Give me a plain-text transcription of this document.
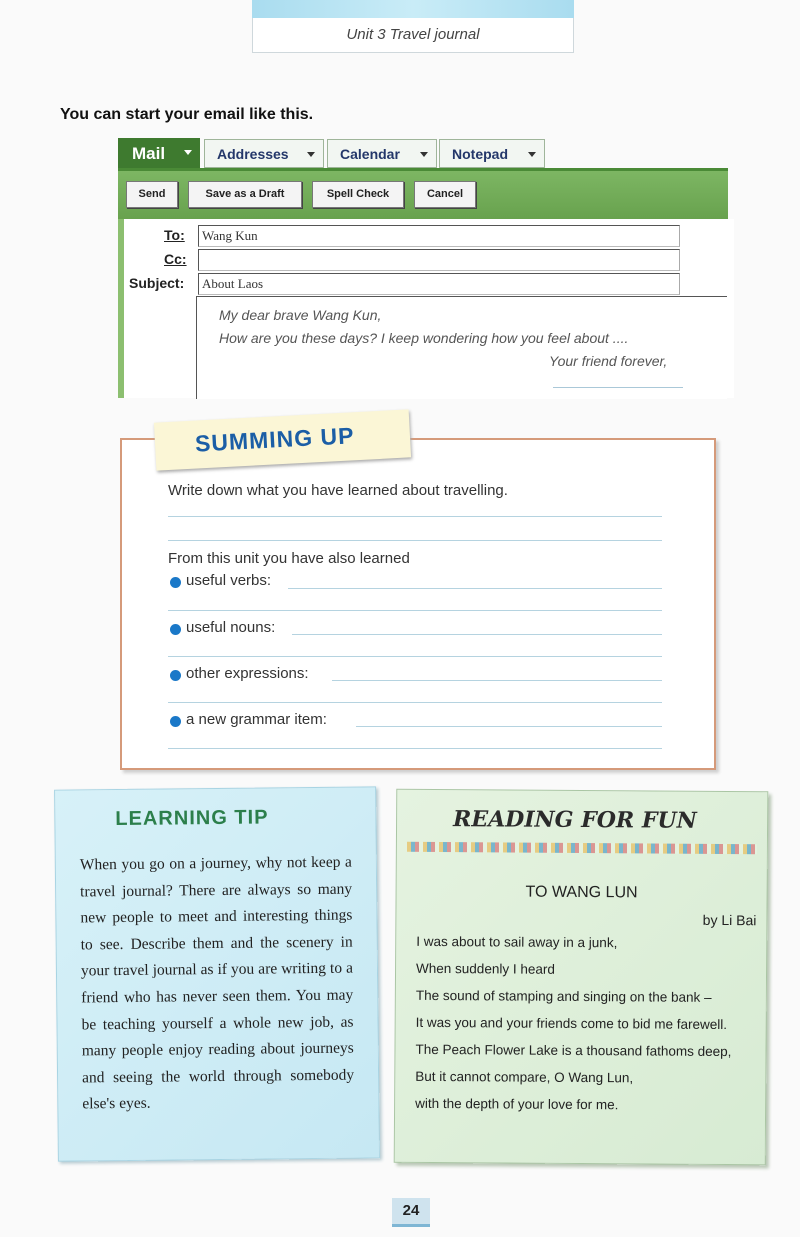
Unit 3 Travel journal
You can start your email like this.
Mail	Addresses	Calendar	Notepad
Send	Save as a Draft	Spell Check	Cancel
To: Wang Kun
Cc:
Subject: About Laos
My dear brave Wang Kun,
How are you these days? I keep wondering how you feel about ....
Your friend forever,
Write down what you have learned about travelling.
From this unit you have also learned
useful verbs:
useful nouns:
other expressions:
a new grammar item:
SUMMING UP
LEARNING TIP
When you go on a journey, why not keep a travel journal? There are always so many new people to meet and interesting things to see. Describe them and the scenery in your travel journal as if you are writing to a friend who has never seen them. You may be teaching yourself a whole new job, as many people enjoy reading about journeys and seeing the world through somebody else's eyes.
READING FOR FUN
TO WANG LUN
by Li Bai
I was about to sail away in a junk,
When suddenly I heard
The sound of stamping and singing on the bank –
It was you and your friends come to bid me farewell.
The Peach Flower Lake is a thousand fathoms deep,
But it cannot compare, O Wang Lun,
with the depth of your love for me.
24
